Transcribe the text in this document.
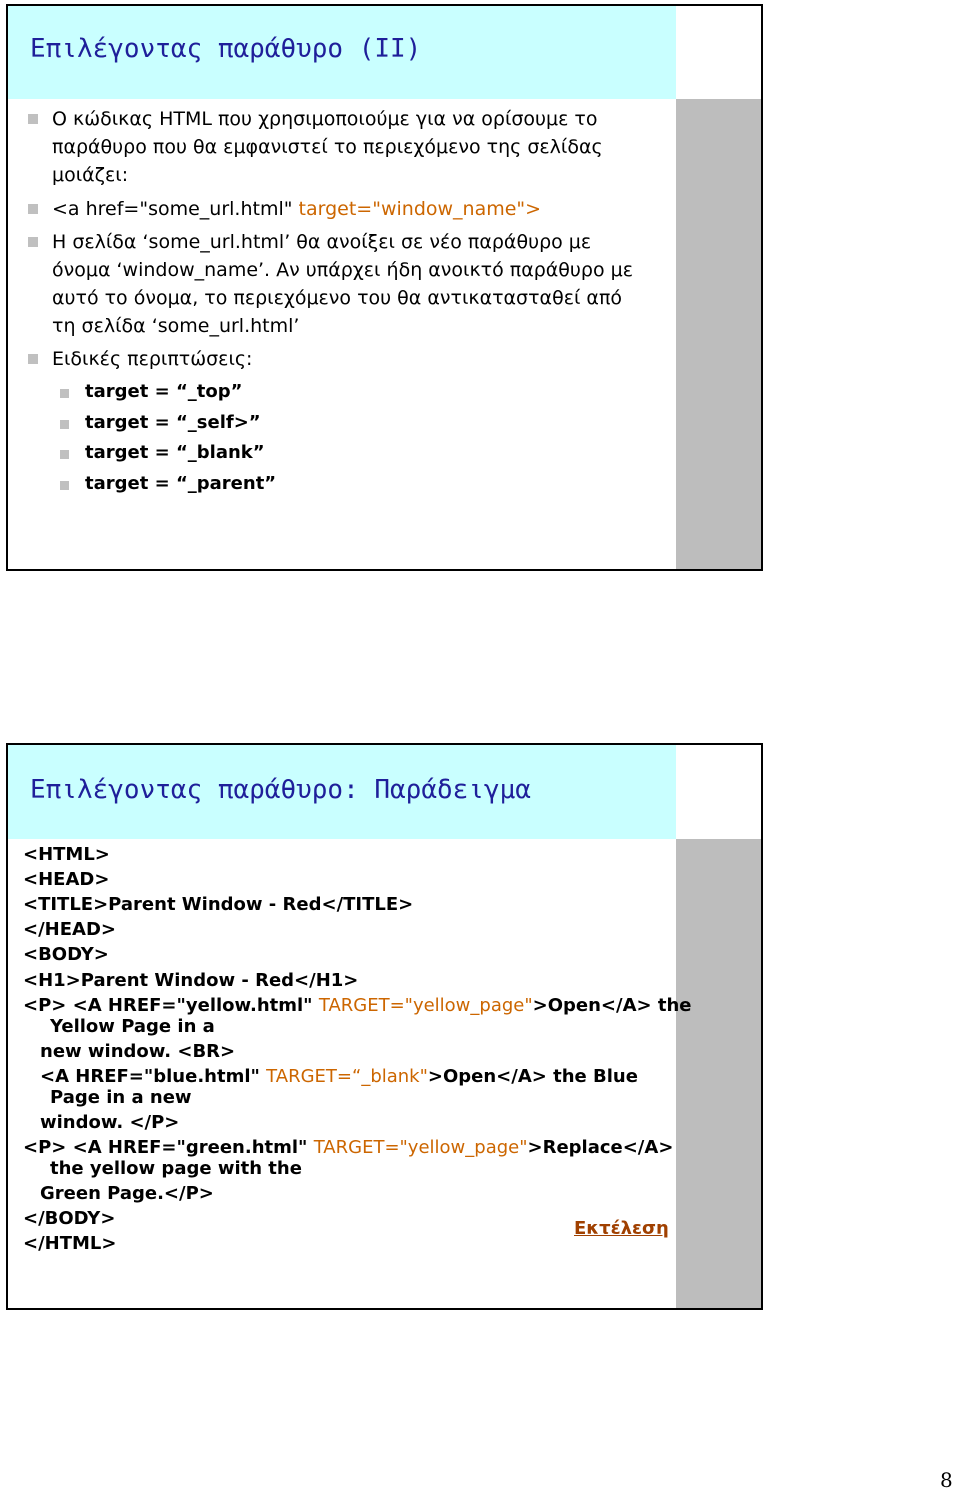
Επιλέγοντας παράθυρο (ΙΙ)
Ο κώδικας HTML που χρησιμοποιούμε για να ορίσουμε το
παράθυρο που θα εμφανιστεί το περιεχόμενο της σελίδας
μοιάζει:
<a href="some_url.html" target="window_name">
Η σελίδα ‘some_url.html’ θα ανοίξει σε νέο παράθυρο με
όνομα ‘window_name’. Αν υπάρχει ήδη ανοικτό παράθυρο με
αυτό το όνομα, το περιεχόμενο του θα αντικατασταθεί από
τη σελίδα ‘some_url.html’
Ειδικές περιπτώσεις:
target = “_top”
target = “_self>”
target = “_blank”
target = “_parent”
Επιλέγοντας παράθυρο: Παράδειγμα
<HTML>
<HEAD>
<TITLE>Parent Window - Red</TITLE>
</HEAD>
<BODY>
<H1>Parent Window - Red</H1>
<P> <A HREF="yellow.html" TARGET="yellow_page">Open</A> the
Yellow Page in a
new window. <BR>
<A HREF="blue.html" TARGET=“_blank">Open</A> the Blue
Page in a new
window. </P>
<P> <A HREF="green.html" TARGET="yellow_page">Replace</A>
the yellow page with the
Green Page.</P>
</BODY>
</HTML>
Εκτέλεση
8
